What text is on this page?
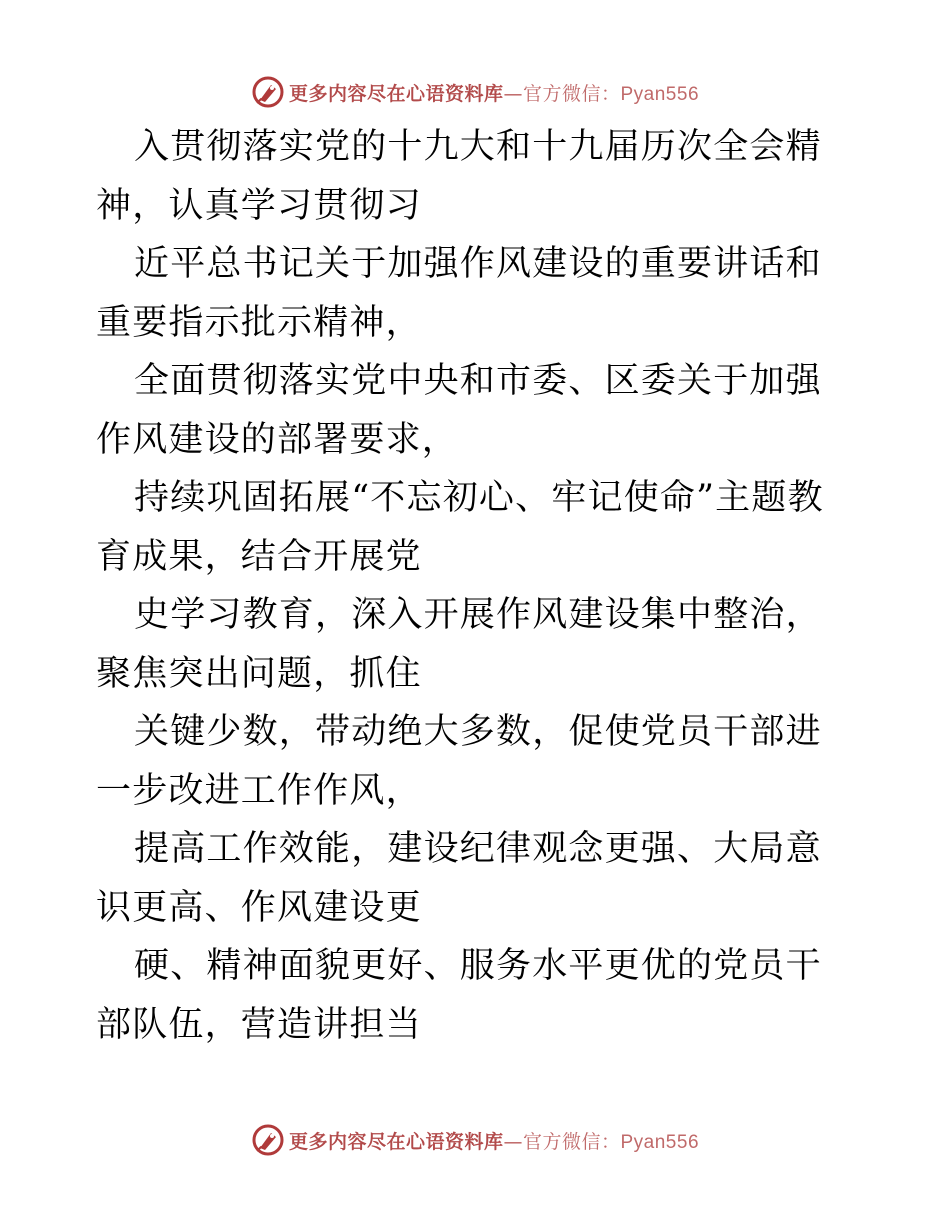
更多内容尽在心语资料库—官方微信：Pyan556

入贯彻落实党的十九大和十九届历次全会精神，认真学习贯彻习

近平总书记关于加强作风建设的重要讲话和重要指示批示精神，

全面贯彻落实党中央和市委、区委关于加强作风建设的部署要求，

持续巩固拓展“不忘初心、牢记使命”主题教育成果，结合开展党

史学习教育，深入开展作风建设集中整治，聚焦突出问题，抓住

关键少数，带动绝大多数，促使党员干部进一步改进工作作风，

提高工作效能，建设纪律观念更强、大局意识更高、作风建设更

硬、精神面貌更好、服务水平更优的党员干部队伍，营造讲担当

更多内容尽在心语资料库—官方微信：Pyan556
